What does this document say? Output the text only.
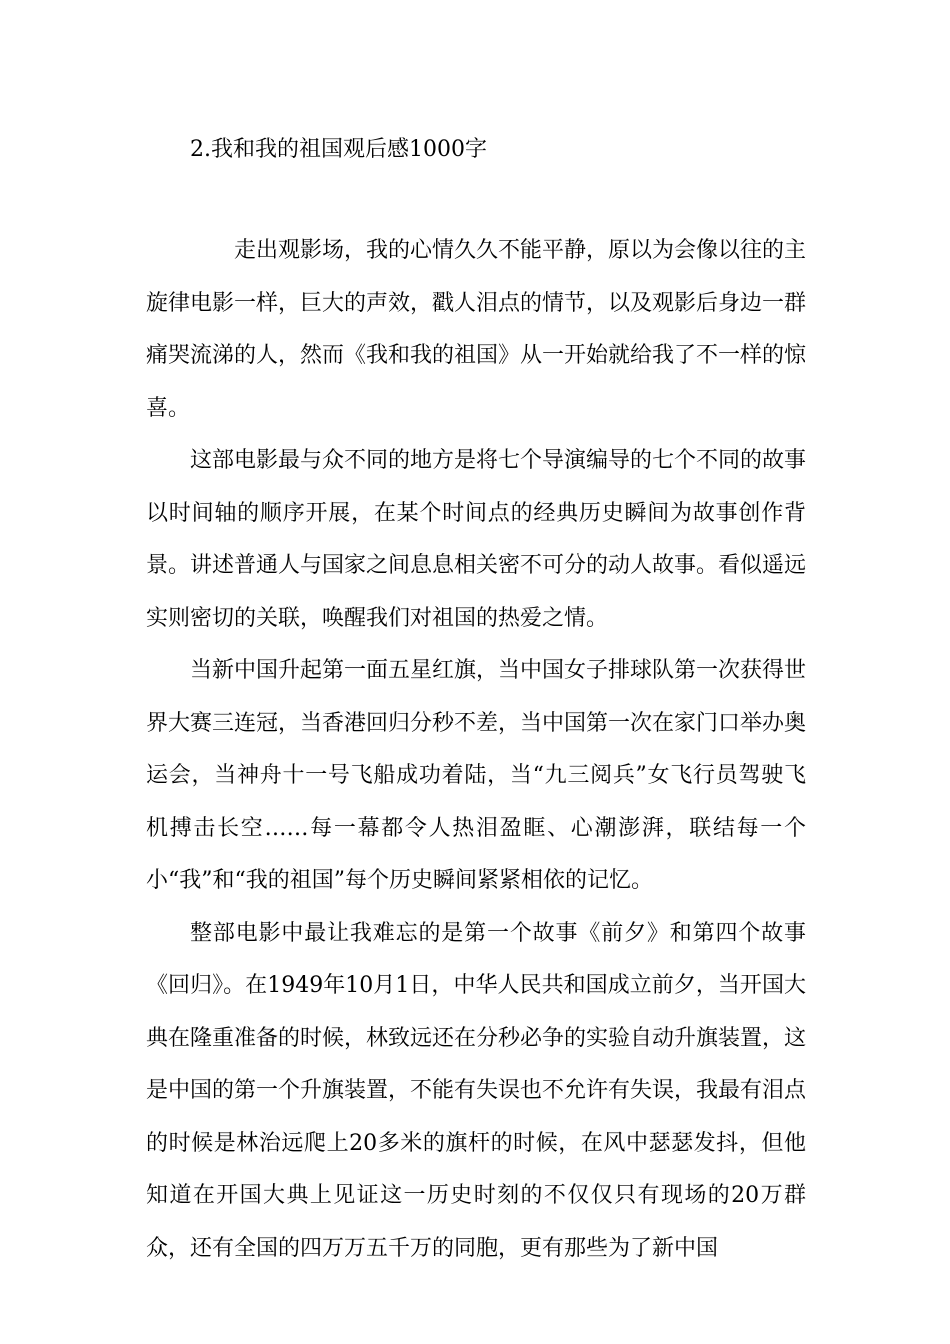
2.我和我的祖国观后感1000字

走出观影场，我的心情久久不能平静，原以为会像以往的主旋律电影一样，巨大的声效，戳人泪点的情节，以及观影后身边一群痛哭流涕的人，然而《我和我的祖国》从一开始就给我了不一样的惊喜。

这部电影最与众不同的地方是将七个导演编导的七个不同的故事以时间轴的顺序开展，在某个时间点的经典历史瞬间为故事创作背景。讲述普通人与国家之间息息相关密不可分的动人故事。看似遥远实则密切的关联，唤醒我们对祖国的热爱之情。

当新中国升起第一面五星红旗，当中国女子排球队第一次获得世界大赛三连冠，当香港回归分秒不差，当中国第一次在家门口举办奥运会，当神舟十一号飞船成功着陆，当“九三阅兵”女飞行员驾驶飞机搏击长空……每一幕都令人热泪盈眶、心潮澎湃，联结每一个小“我”和“我的祖国”每个历史瞬间紧紧相依的记忆。

整部电影中最让我难忘的是第一个故事《前夕》和第四个故事《回归》。在1949年10月1日，中华人民共和国成立前夕，当开国大典在隆重准备的时候，林致远还在分秒必争的实验自动升旗装置，这是中国的第一个升旗装置，不能有失误也不允许有失误，我最有泪点的时候是林治远爬上20多米的旗杆的时候，在风中瑟瑟发抖，但他知道在开国大典上见证这一历史时刻的不仅仅只有现场的20万群众，还有全国的四万万五千万的同胞，更有那些为了新中国
